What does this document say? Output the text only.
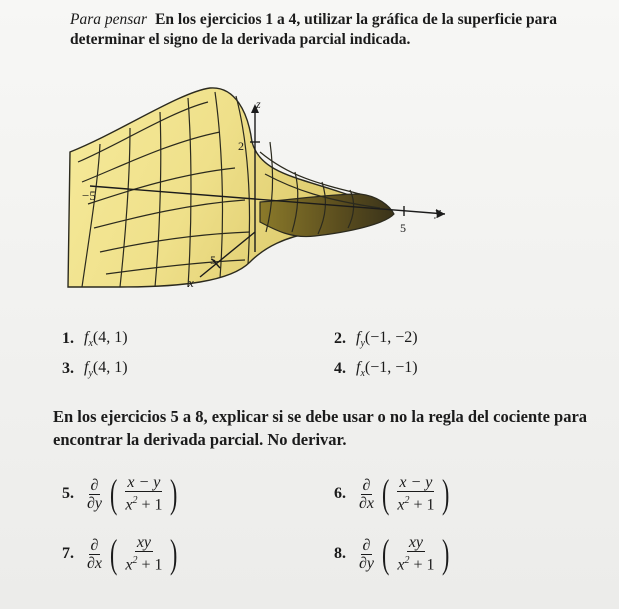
Para pensar En los ejercicios 1 a 4, utilizar la gráfica de la superficie para determinar el signo de la derivada parcial indicada.
z
y
x
2
−5
5
5
1. $f_x(4$, 1)	2. $f_y(-1$, −2)
3. $f_y(4$, 1)	4. $f_x(-1$, −1)
En los ejercicios 5 a 8, explicar si se debe usar o no la regla del cociente para encontrar la derivada parcial. No derivar.
5. $\frac{\partial}{\partial y}$ ( $\frac{x - y}{x^2 + 1}$ )	6. $\frac{\partial}{\partial x}$ ( $\frac{x - y}{x^2 + 1}$ )
7. $\frac{\partial}{\partial x}$ ( $\frac{xy}{x^2 + 1}$ )	8. $\frac{\partial}{\partial y}$ ( $\frac{xy}{x^2 + 1}$ )
